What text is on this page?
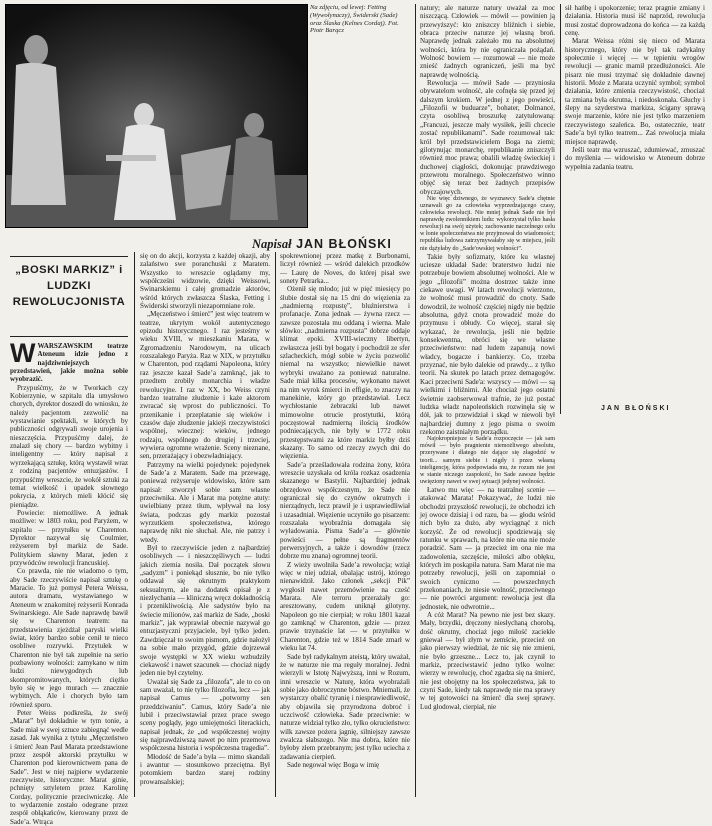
Na zdjęciu, od lewej: Fetting (Wywołynaczy), Świderski (Sade) oraz Ślaska (Kelnes Cordaj). Fot. Piotr Barącz
Napisał JAN BŁOŃSKI
„BOSKI MARKIZ” i LUDZKI REWOLUCJONISTA

WWARSZAWSKIM teatrze Ateneum idzie jedno z najdziwniejszych przedstawień, jakie można sobie wyobrazić.

Przypuśćmy, że w Tworkach czy Kobierzynie, w szpitalu dla umysłowo chorych, dyrektor doszedł do wniosku, że należy pacjentom zezwolić na wystawianie spektakli, w których by publiczności odgrywali swoje urojenia i nieszczęścia. Przypuśćmy dalej, że znalazł się chory — bardzo wybitny i inteligentny — który napisał z wyrzekającą sztukę, którą wystawił wraz z rodziną pacjentów entuzjastów. I przypuśćmy wreszcie, że wokół sztuki za temat wielkość i upadek słownego pokrycia, z których mieli kłócić się pieniądze.

Powiecie: niemożliwe. A jednak możliwe: w 1803 roku, pod Paryżem, w szpitalu — przytułku w Charenton. Dyrektor nazywał się Coulmier, reżyserem był markiz de Sade. Politykiem sławny Marat, jeden z przywódców rewolucji francuskiej.

Co prawda, nie nie wiadomo o tym, aby Sade rzeczywiście napisał sztukę o Maracie. To już pomysł Petera Weissa, autora dramatu, wystawianego w Ateneum w znakomitej reżyserii Konrada Swinarskiego. Ale Sade naprawdę bawił się w Charenton teatrem: na przedstawienia zjeżdżał paryski wielki świat, który bardzo sobie cenił te nieco osobliwe rozrywki. Przytułek w Charenton nie był tak zupełnie na serio pozbawiony wolności: zamykano w nim ludzi niewygodnych lub skompromitowanych, których ciężko było się w jego murach — znacznie wybitnych. Ale i chorych było tam również sporo.

Peter Weiss podkreśla, że swój „Marat” był dokładnie w tym tonie, a Sade miał w swej sztuce zabiegnąć wedle zasad. Jak wynika z tytułu „Męczeństwo i śmierć Jean Paul Marata przedstawione przez zespół aktorski przytułku w Charenton pod kierownictwem pana de Sade”. Jest w niej najpierw wydarzenie rzeczywiste, historyczne: Marat ginie, pchnięty sztyletem przez Karolinę Corday, politycznie przeciwniczkę. Ale to wydarzenie zostało odegrane przez zespół obłąkańców, kierowany przez de Sade’a. Wtrąca

się on do akcji, korzysta z każdej okazji, aby zalaństwo swe poranchuski z Maratem. Wszystko to wreszcie oglądamy my, współcześni widzowie, dzięki Weissowi, Swinarskiemu i całej gromadzie aktorów, wśród których zwłaszcza Ślaska, Fetting i Świderski stworzyli niezapomniane role.

„Męczeństwo i śmierć” jest więc teatrem w teatrze, ukrytym wokół autentycznego epizodu historycznego. I raz jesteśmy w wieku XVIII, w mieszkaniu Marata, w Zgromadzeniu Narodowym, na ulicach rozszalałego Paryża. Raz w XIX, w przytułku w Charenton, pod rządami Napoleona, który raz jeszcze kazał Sade’a zamknąć, jak to przedtem zrobiły monarchia i władze rewolucyjne. I raz w XX, bo Weiss czyni bardzo teatralne złudzenie i każe aktorom zwracać się wprost do publiczności. To przenikanie i przeplatanie się wieków i czasów daje złudzenie jakiejś rzeczywistości wspólnej, wiecznej: wieków, jednego rodzaju, wspólnego do drugiej i trzeciej, wywiera ogromne wrażenie. Sceny nieznane, sen, przerażający i obezwładniający.

Patrzymy na wielki pojedynek: pojedynek de Sade’a z Maratem. Sade ma przewagę, ponieważ reżyseruje widowisko, które sam napisał: stworzył sobie sam własne przeciwnika. Ale i Marat ma potężne atuty: uwielbiany przez tłum, wpływał na losy świata, podczas gdy markiz pozostał wyrzutkiem społeczeństwa, którego naprawdę nikt nie słuchał. Ale, nie patrzy i wtedy.

Był to rzeczywiście jeden z najbardziej osobliwych — i nieszczęśliwych — ludzi jakich ziemia nosiła. Dał początek słowu „sadyzm” i poniekąd słusznie, bo nie tylko oddawał się okrutnym praktykom seksualnym, ale na dodatek opisał je z niezłychania — kliniczną wręcz dokładnością i przenikliwością. Ale sadystów było na świecie milionów, zaś markiz de Sade, „boski markiz”, jak wyprawiał obecnie nazywał go entuzjastyczni przyjaciele, był tylko jeden. Zawdzięczał to swoim pismom, gdzie nałożył na sobie mało przygód, gdzie dojrzewał swoje występki w XX wieku wzbudziły ciekawość i nawet szacunek — chociaż nigdy jeden nie był czytelny.

Uważał się Sade za „filozofa”, ale to co on sam uważał, to nie tylko filozofia, lecz — jak napisał Camus — „potworny sen przeddziwaniu”. Camus, który Sade’a nie lubił i przeciwstawiał przez prace swego sceny poglądy, jego umiejętności literackich, napisał jednak, że „od współczesnej wojny się najprawdziwszą nawet po nim przemowa współczesna historia i współczesna tragedia”.

Młodość de Sade’a była — mimo skandali i awantur — stosunkowo przeciętna. Był potomkiem bardzo starej rodziny prowansalskiej;

spokrewnionej przez matkę z Burbonami, liczył również — wśród dalekich przodków — Laurę de Noves, do której pisał swe sonety Petrarka...

Ożenił się młodo; już w pięć miesięcy po ślubie dostał się na 15 dni do więzienia za „nadmierną rozpustę”, bluźnierstwa i profanacje. Zona jednak — żywna rzecz — zawsze pozostała mu oddaną i wierna. Male słówko: „nadmierna rozpusta” dobrze oddaje klimat epoki. XVIII-wieczny libertyn, zwłaszcza jeśli był bogaty i pochodził ze sfer szlacheckich, mógł sobie w życiu pozwolić niemal na wszystko; niewielkie nawet wybryki uważano za ponieważ naturalne. Sade miał kilka procesów, wykonano nawet na nim wyrok śmierci in effigie, to znaczy na manekinie, który go przedstawiał. Lecz wychłostanie żebraczki lub nawet mimowolne otrucie prostytutki, którą poczęstował nadmierną ilością środków podniecających, nie były w 1772 roku przestępstwami za które markiz byłby dziś skazany. To samo od rzeczy zwych dni do więzienia.

Sade’a prześladowała rodzina żony, która wreszcie uzyskała od króla rozkaz osadzenia skazanego w Bastylii. Najbardziej jednak obrzędowo współczesnym, że Sade nie ograniczał się do czynów okrutnych i nierządnych, lecz prawił je i usprawiedliwiał i uzasadniał. Więzienie uczyniło go pisarzem: rozszalała wyobraźnia domagała się wyładowania. Pisma Sade’a — głównie powieści — pełne są fragmentów perwersyjnych, a także i dowodów (rzecz dobrze mu znana) ogromnej teorii.

Z wieży uwolniła Sade’a rewolucja; wziął więc w niej udział, obalając ustrój, którego nienawidził. Jako członek „sekcji Pik” wygłosił nawet przemówienie na cześć Marata. Ale terroru przerażały go: aresztowany, cudem uniknął gilotyny. Napoleon go nie cierpiał; w roku 1801 kazał go zamknąć w Charenton, gdzie — przez prawie trzynaście lat — w przytułku w Charenton, gdzie też w 1814 Sade zmarł w wieku lat 74.

Sade był radykalnym ateistą, który uważał, że w naturze nie ma reguły moralnej. Jedni wierzyli w Istotę Najwyższą, inni w Rozum, inni wreszcie w Naturę, która wyobrażali sobie jako dobroczynne bóstwo. Mniemali, że wystarczy obalić tyranię i niesprawiedliwość, aby objawiła się przyrodzona dobroć i uczciwość człowieka. Sade przeciwnie: w naturze widział tylko zło, tylko okrucieństwo: wilk zawsze pożera jagnię, silniejszy zawsze zwalcza słabszego. Nie ma dobra, które nie byłoby złem przebranym; jest tylko uciecha z zadawania cierpień.

Sade negował więc Boga w imię

natury; ale naturze natury uważał za moc niszczącą. Człowiek — mówił — powinien ją przewyższyć: kto zniszczy bliźnich i siebie, obraca przeciw naturze jej własną broń. Naprawdę jednak zależało mu na absolutnej wolności, która by nie ograniczała pożądań. Wolność bowiem — rozumował — nie może znieść żadnych ograniczeń, jeśli ma być naprawdę wolnością.

Rewolucja — mówił Sade — przyniosła obywatelom wolność, ale cofnęła się przed jej dalszym krokiem. W jednej z jego powieści, „Filozofii w buduarze”, bohater, Dolmancé, czyta osobliwą broszurkę zatytułowaną: „Francuzi, jeszcze mały wysiłek, jeśli chcecie zostać republikanami”. Sade rozumował tak: król był przedstawicielem Boga na ziemi; gilotynując monarchę, republikanie zniszczyli również moc prawa; obalili władzę świeckiej i duchowej ciągłości, dokonując prawdziwego przewrotu moralnego. Społeczeństwo winno objęć się teraz bez żadnych przepisów obyczajowych.

Nie więc dziwnego, że wyznawcy Sade'a chętnie uznawali go za człowieka wyprzedzającego czasy, człowieka rewolucji. Nie mniej jednak Sade nie był naprawdę zwolennikiem ludu: wykorzystał tylko hasła rewolucji na swój użytek; zachowanie naczelnego celu w łonie społeczeństwa nie przyjmował do wiadomości; republika ludowa zatrzymywałaby się w miejscu, jeśli nie dążyłaby do „Sade'owskiej wolności”.

Takie były sofizmaty, które ku własnej uciesze układał Sade: braterstwo ludzi nie potrzebuje bowiem absolutnej wolności. Ale w jego „filozofii” można dostrzec także inne ciekawe uwagi. W latach rewolucji wierzono, że wolność musi prowadzić do cnoty. Sade dowodził, że wolność częściej nigdy nie będzie absolutna, gdyż cnota prowadzić może do przymusu i obłudy. Co więcej, starał się wykazać, że rewolucja, jeśli nie będzie konsekwentna, obróci się we własne przeciwieństwo: nad ludem zapanują nowi władcy, bogacze i bankierzy. Co, trzeba przyznać, nie było dalekie od prawdy... z tylko teorii. Na skutek po latach przez demagogów. Kaci przeciwni Sade'a: wszyscy — mówi — są wielkimi i bliźnimi. Ale chociaż jego ostatni świetnie zaobserwował trafnie, że już postać ludzka władz napoleońskich rozwinęła się w dół, jak to przewidział i skąd w niewoli był najbardziej dumny z jego pisma o swoim rzekomo zaistniałym porządku.

Najokropniejsze u Sade'a rozpoczęcie — jak sam mówił — było pragnienie niemożliwego absolutu, przerywane i dlatego nie dające się złagodzić w teorii... samym siebie i nigdy i przez własną inteligencję, która podpowiada mu, że rozum nie jest w stanie niczego zaspokoić, bo Sade zawsze będzie uwięziony nawet w swej sytuacji jedynej wolności.

Łatwo mu więc — na teatralnej scenie — atakować Marata! Pokazywać, że ludzi nie obchodzi przyszłość rewolucji, że obchodzi ich jej owoce dzisiaj i od razu, ba — głodu wśród nich było za dużo, aby wyciągnąć z nich korzyść. Że od rewolucji spodziewają się ratunku w sprawach, na które nie ona nie może poradzić. Sam — ja przecież im ona nie ma zadowolenia, szczęście, miłości albo obłęku, których im poskąpiła natura. Sam Marat nie ma potrzeby rewolucji, jeśli on zapomniał o swoich cyniczno — powszechnych przekonaniach, że niesie wolność, przeciwnego — nie powróci argument: rewolucja jest dla jednostek, nie odwrotnie...

A cóż Marat? Na pewno nie jest bez skazy. Mały, brzydki, dręczony niesłychaną chorobą, dość okrutny, chociaż jego miłość zaciekłe gniewał — był złym w zemście, przecież on jako pierwszy wiedział, że nic się nie zmieni, nie było grzeszne... Lecz to, jak czynił to markiz, przeciwstawić jedno tylko wolne: wierzy w rewolucję, choć zgadza się na śmierć, nie jest obojętny na los społeczeństwa, jak to czyni Sade, kiedy tak naprawdę nie ma sprawy w tej gotowości na śmierć dla swej sprawy. Lud głodował, cierpiał, nie

sił hańbę i upokorzenie; teraz pragnie zmiany i działania. Historia musi iść naprzód, rewolucja musi zostać doprowadzona do końca — za każdą cenę.

Marat Weissa różni się nieco od Marata historycznego, który nie był tak radykalny społecznie i więcej — w tępieniu wrogów rewolucji — granic mamił przedłużoności. Ale pisarz nie musi trzymać się dokładnie dawnej historii. Może z Marata uczynić symbol; symbol działania, które zmienia rzeczywistość, chociaż ta zmiana była okrutna, i niedoskonała. Głuchy i ślepy na szyderstwa markiza, ścigany sprawą swoje marzenie, które nie jest tylko marzeniem rzeczywistego szaleńca. Bo, ostatecznie, teatr Sade’a był tylko teatrem... Zaś rewolucja miała miejsce naprawdę.

Jeśli teatr ma wzruszać, zdumiewać, zmuszać do myślenia — widowisko w Ateneum dobrze wypełnia zadania teatru.

JAN BŁOŃSKI
